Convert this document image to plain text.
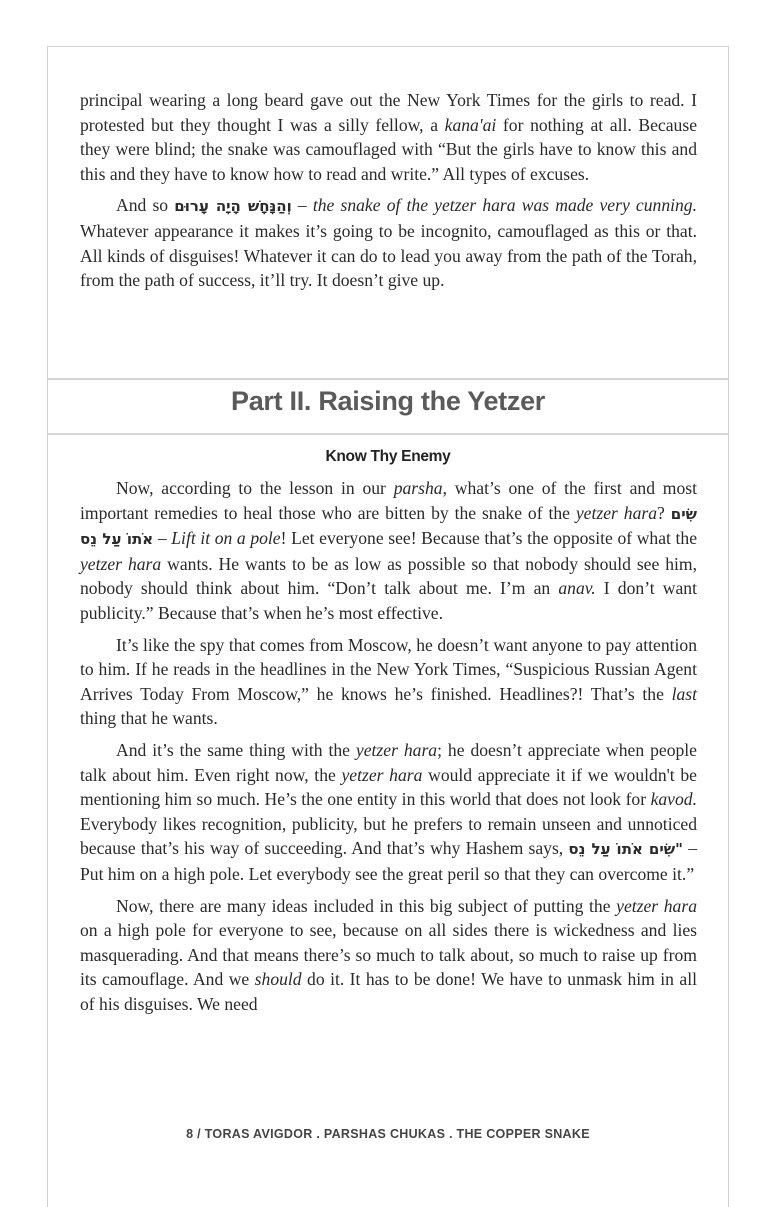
principal wearing a long beard gave out the New York Times for the girls to read. I protested but they thought I was a silly fellow, a kana'ai for nothing at all. Because they were blind; the snake was camouflaged with “But the girls have to know this and this and they have to know how to read and write.” All types of excuses.

And so וְהַנָּחָשׁ הָיָה עָרוּם – the snake of the yetzer hara was made very cunning. Whatever appearance it makes it’s going to be incognito, camouflaged as this or that. All kinds of disguises! Whatever it can do to lead you away from the path of the Torah, from the path of success, it’ll try. It doesn’t give up.

Part II. Raising the Yetzer
Know Thy Enemy

Now, according to the lesson in our parsha, what’s one of the first and most important remedies to heal those who are bitten by the snake of the yetzer hara? שִׂים אֹתוֹ עַל נֵס – Lift it on a pole! Let everyone see! Because that’s the opposite of what the yetzer hara wants. He wants to be as low as possible so that nobody should see him, nobody should think about him. “Don’t talk about me. I’m an anav. I don’t want publicity.” Because that’s when he’s most effective.

It’s like the spy that comes from Moscow, he doesn’t want anyone to pay attention to him. If he reads in the headlines in the New York Times, “Suspicious Russian Agent Arrives Today From Moscow,” he knows he’s finished. Headlines?! That’s the last thing that he wants.

And it’s the same thing with the yetzer hara; he doesn’t appreciate when people talk about him. Even right now, the yetzer hara would appreciate it if we wouldn't be mentioning him so much. He’s the one entity in this world that does not look for kavod. Everybody likes recognition, publicity, but he prefers to remain unseen and unnoticed because that’s his way of succeeding. And that’s why Hashem says, "שִׂים אֹתוֹ עַל נֵס – Put him on a high pole. Let everybody see the great peril so that they can overcome it.”

Now, there are many ideas included in this big subject of putting the yetzer hara on a high pole for everyone to see, because on all sides there is wickedness and lies masquerading. And that means there’s so much to talk about, so much to raise up from its camouflage. And we should do it. It has to be done! We have to unmask him in all of his disguises. We need

8 / TORAS AVIGDOR . PARSHAS CHUKAS . THE COPPER SNAKE
